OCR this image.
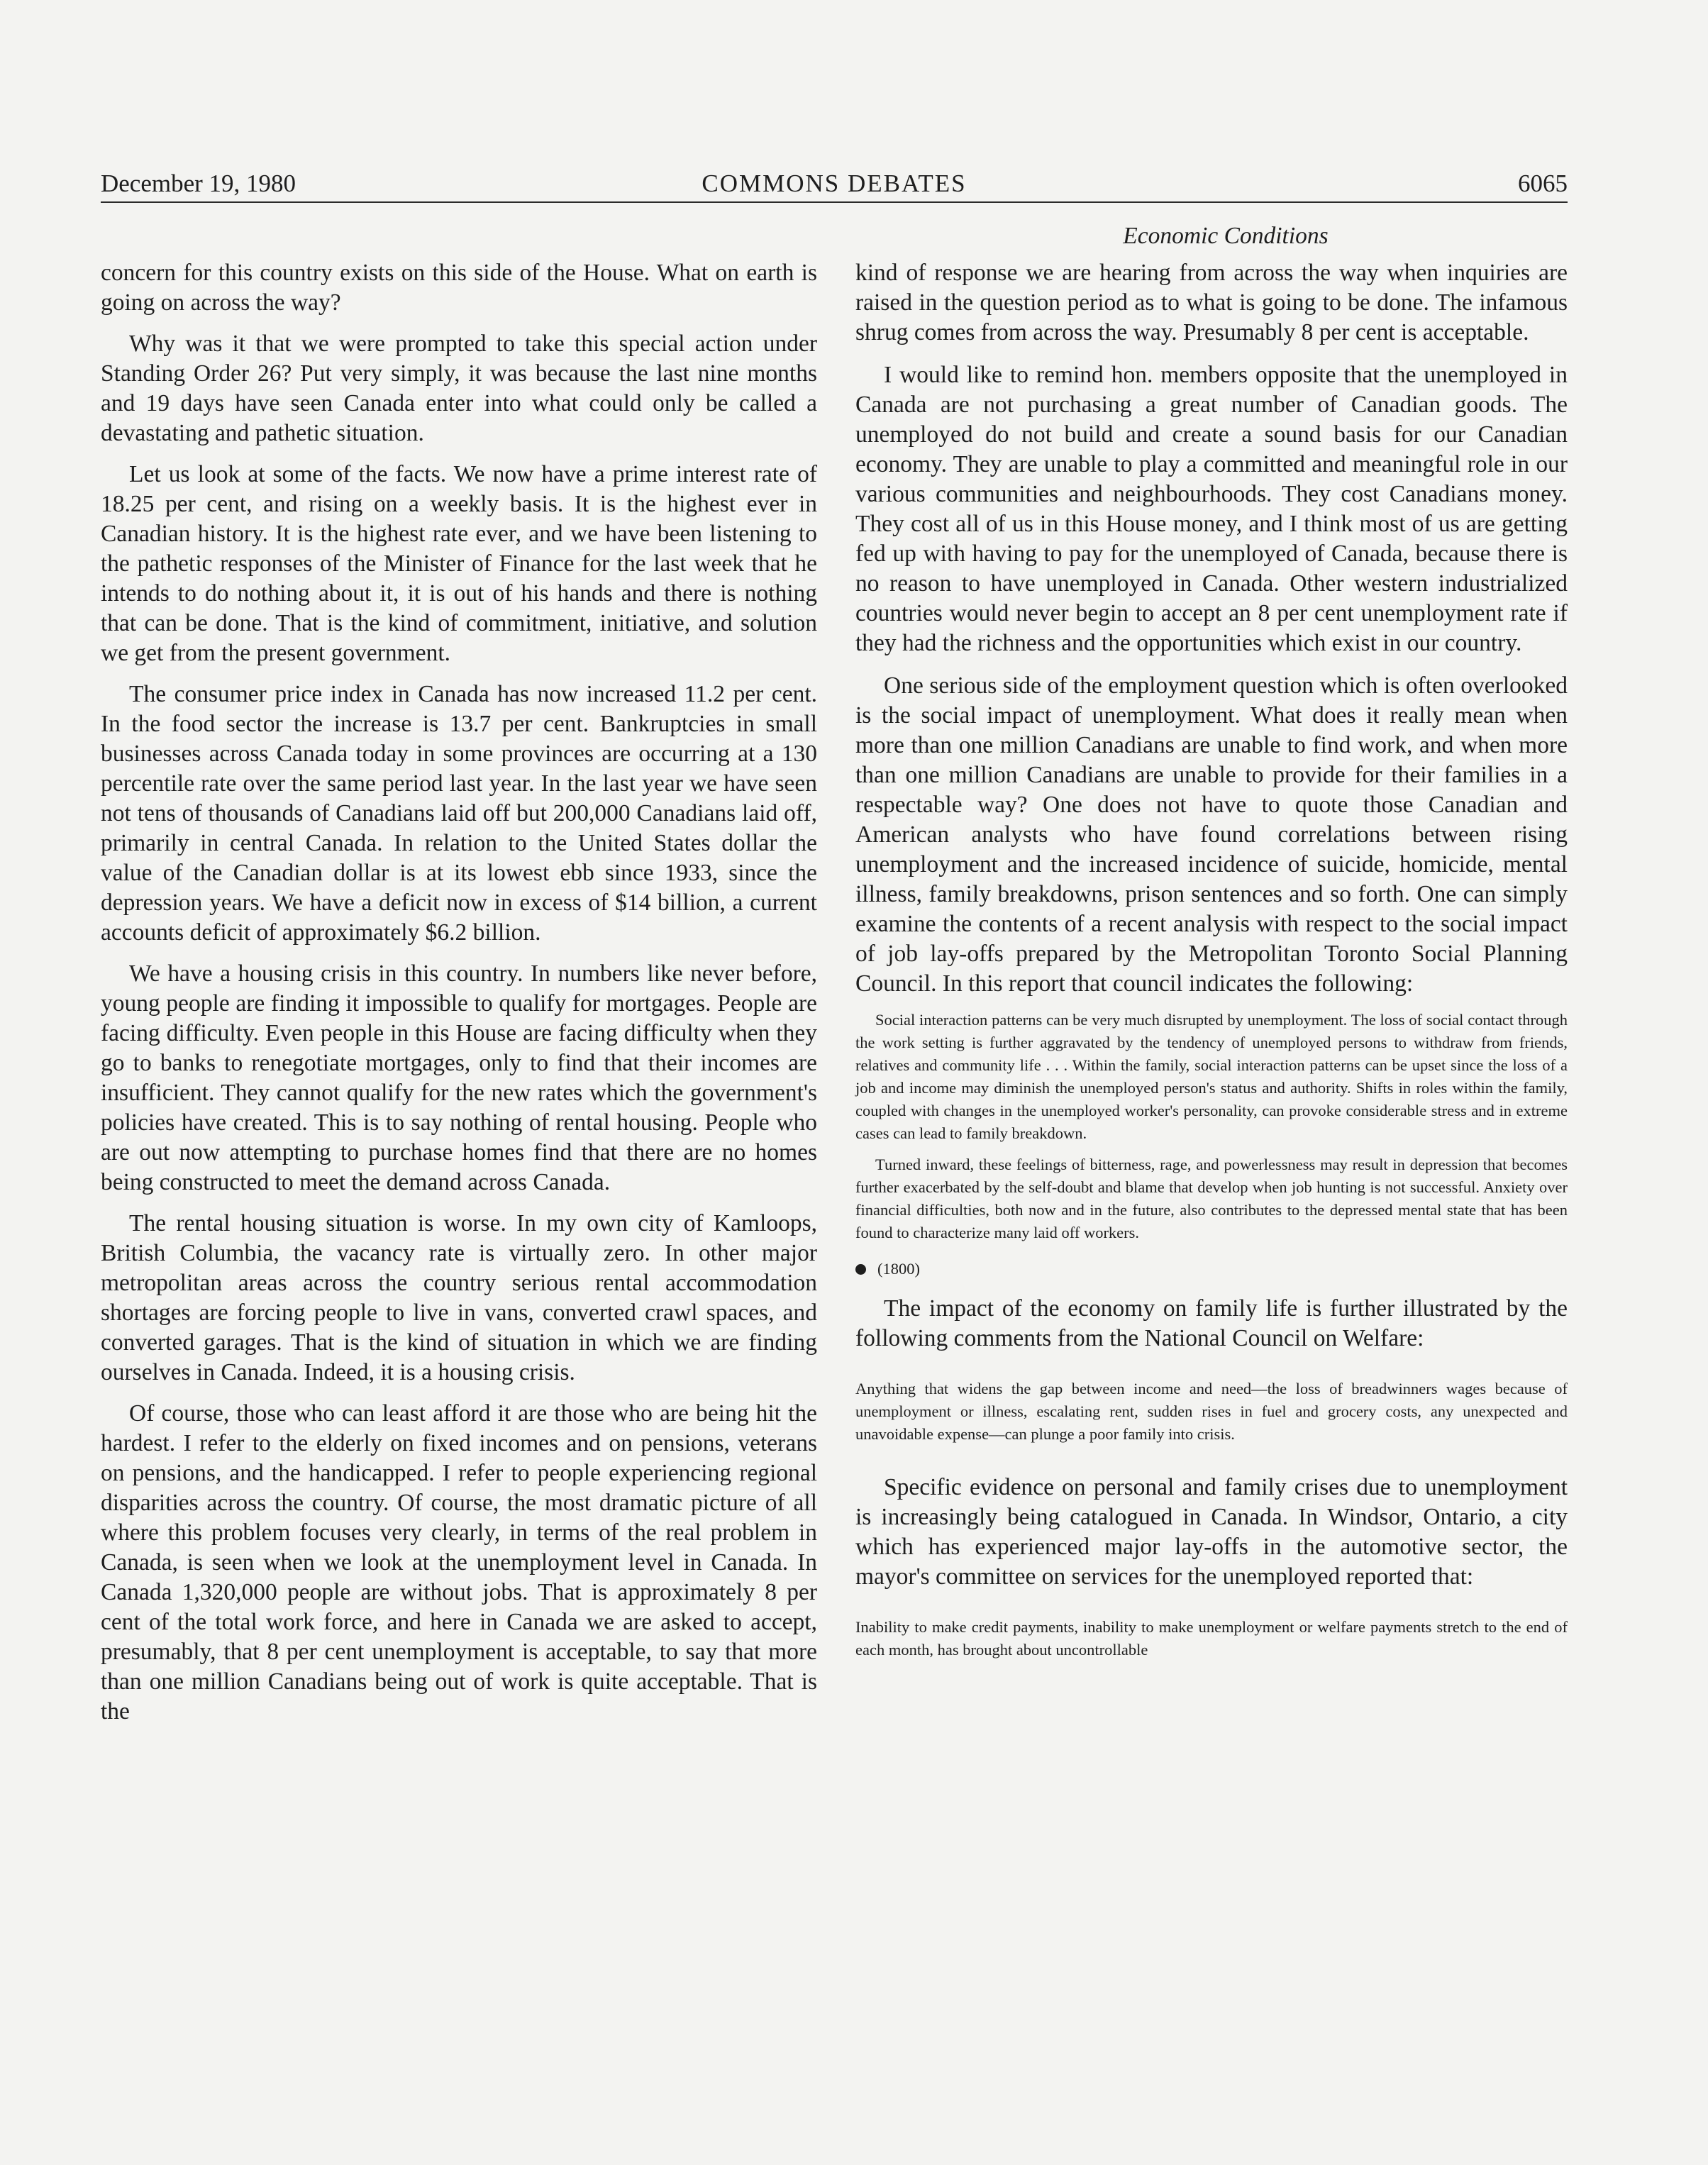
December 19, 1980	COMMONS DEBATES	6065

concern for this country exists on this side of the House. What on earth is going on across the way?

Why was it that we were prompted to take this special action under Standing Order 26? Put very simply, it was because the last nine months and 19 days have seen Canada enter into what could only be called a devastating and pathetic situation.

Let us look at some of the facts. We now have a prime interest rate of 18.25 per cent, and rising on a weekly basis. It is the highest ever in Canadian history. It is the highest rate ever, and we have been listening to the pathetic responses of the Minister of Finance for the last week that he intends to do nothing about it, it is out of his hands and there is nothing that can be done. That is the kind of commitment, initiative, and solution we get from the present government.

The consumer price index in Canada has now increased 11.2 per cent. In the food sector the increase is 13.7 per cent. Bankruptcies in small businesses across Canada today in some provinces are occurring at a 130 percentile rate over the same period last year. In the last year we have seen not tens of thousands of Canadians laid off but 200,000 Canadians laid off, primarily in central Canada. In relation to the United States dollar the value of the Canadian dollar is at its lowest ebb since 1933, since the depression years. We have a deficit now in excess of $14 billion, a current accounts deficit of approximately $6.2 billion.

We have a housing crisis in this country. In numbers like never before, young people are finding it impossible to qualify for mortgages. People are facing difficulty. Even people in this House are facing difficulty when they go to banks to renegotiate mortgages, only to find that their incomes are insufficient. They cannot qualify for the new rates which the government's policies have created. This is to say nothing of rental housing. People who are out now attempting to purchase homes find that there are no homes being constructed to meet the demand across Canada.

The rental housing situation is worse. In my own city of Kamloops, British Columbia, the vacancy rate is virtually zero. In other major metropolitan areas across the country serious rental accommodation shortages are forcing people to live in vans, converted crawl spaces, and converted garages. That is the kind of situation in which we are finding ourselves in Canada. Indeed, it is a housing crisis.

Of course, those who can least afford it are those who are being hit the hardest. I refer to the elderly on fixed incomes and on pensions, veterans on pensions, and the handicapped. I refer to people experiencing regional disparities across the country. Of course, the most dramatic picture of all where this problem focuses very clearly, in terms of the real problem in Canada, is seen when we look at the unemployment level in Canada. In Canada 1,320,000 people are without jobs. That is approximately 8 per cent of the total work force, and here in Canada we are asked to accept, presumably, that 8 per cent unemployment is acceptable, to say that more than one million Canadians being out of work is quite acceptable. That is the

Economic Conditions

kind of response we are hearing from across the way when inquiries are raised in the question period as to what is going to be done. The infamous shrug comes from across the way. Presumably 8 per cent is acceptable.

I would like to remind hon. members opposite that the unemployed in Canada are not purchasing a great number of Canadian goods. The unemployed do not build and create a sound basis for our Canadian economy. They are unable to play a committed and meaningful role in our various communities and neighbourhoods. They cost Canadians money. They cost all of us in this House money, and I think most of us are getting fed up with having to pay for the unemployed of Canada, because there is no reason to have unemployed in Canada. Other western industrialized countries would never begin to accept an 8 per cent unemployment rate if they had the richness and the opportunities which exist in our country.

One serious side of the employment question which is often overlooked is the social impact of unemployment. What does it really mean when more than one million Canadians are unable to find work, and when more than one million Canadians are unable to provide for their families in a respectable way? One does not have to quote those Canadian and American analysts who have found correlations between rising unemployment and the increased incidence of suicide, homicide, mental illness, family breakdowns, prison sentences and so forth. One can simply examine the contents of a recent analysis with respect to the social impact of job lay-offs prepared by the Metropolitan Toronto Social Planning Council. In this report that council indicates the following:

Social interaction patterns can be very much disrupted by unemployment. The loss of social contact through the work setting is further aggravated by the tendency of unemployed persons to withdraw from friends, relatives and community life . . . Within the family, social interaction patterns can be upset since the loss of a job and income may diminish the unemployed person's status and authority. Shifts in roles within the family, coupled with changes in the unemployed worker's personality, can provoke considerable stress and in extreme cases can lead to family breakdown.

Turned inward, these feelings of bitterness, rage, and powerlessness may result in depression that becomes further exacerbated by the self-doubt and blame that develop when job hunting is not successful. Anxiety over financial difficulties, both now and in the future, also contributes to the depressed mental state that has been found to characterize many laid off workers.

(1800)

The impact of the economy on family life is further illustrated by the following comments from the National Council on Welfare:

Anything that widens the gap between income and need—the loss of breadwinners wages because of unemployment or illness, escalating rent, sudden rises in fuel and grocery costs, any unexpected and unavoidable expense—can plunge a poor family into crisis.

Specific evidence on personal and family crises due to unemployment is increasingly being catalogued in Canada. In Windsor, Ontario, a city which has experienced major lay-offs in the automotive sector, the mayor's committee on services for the unemployed reported that:

Inability to make credit payments, inability to make unemployment or welfare payments stretch to the end of each month, has brought about uncontrollable
